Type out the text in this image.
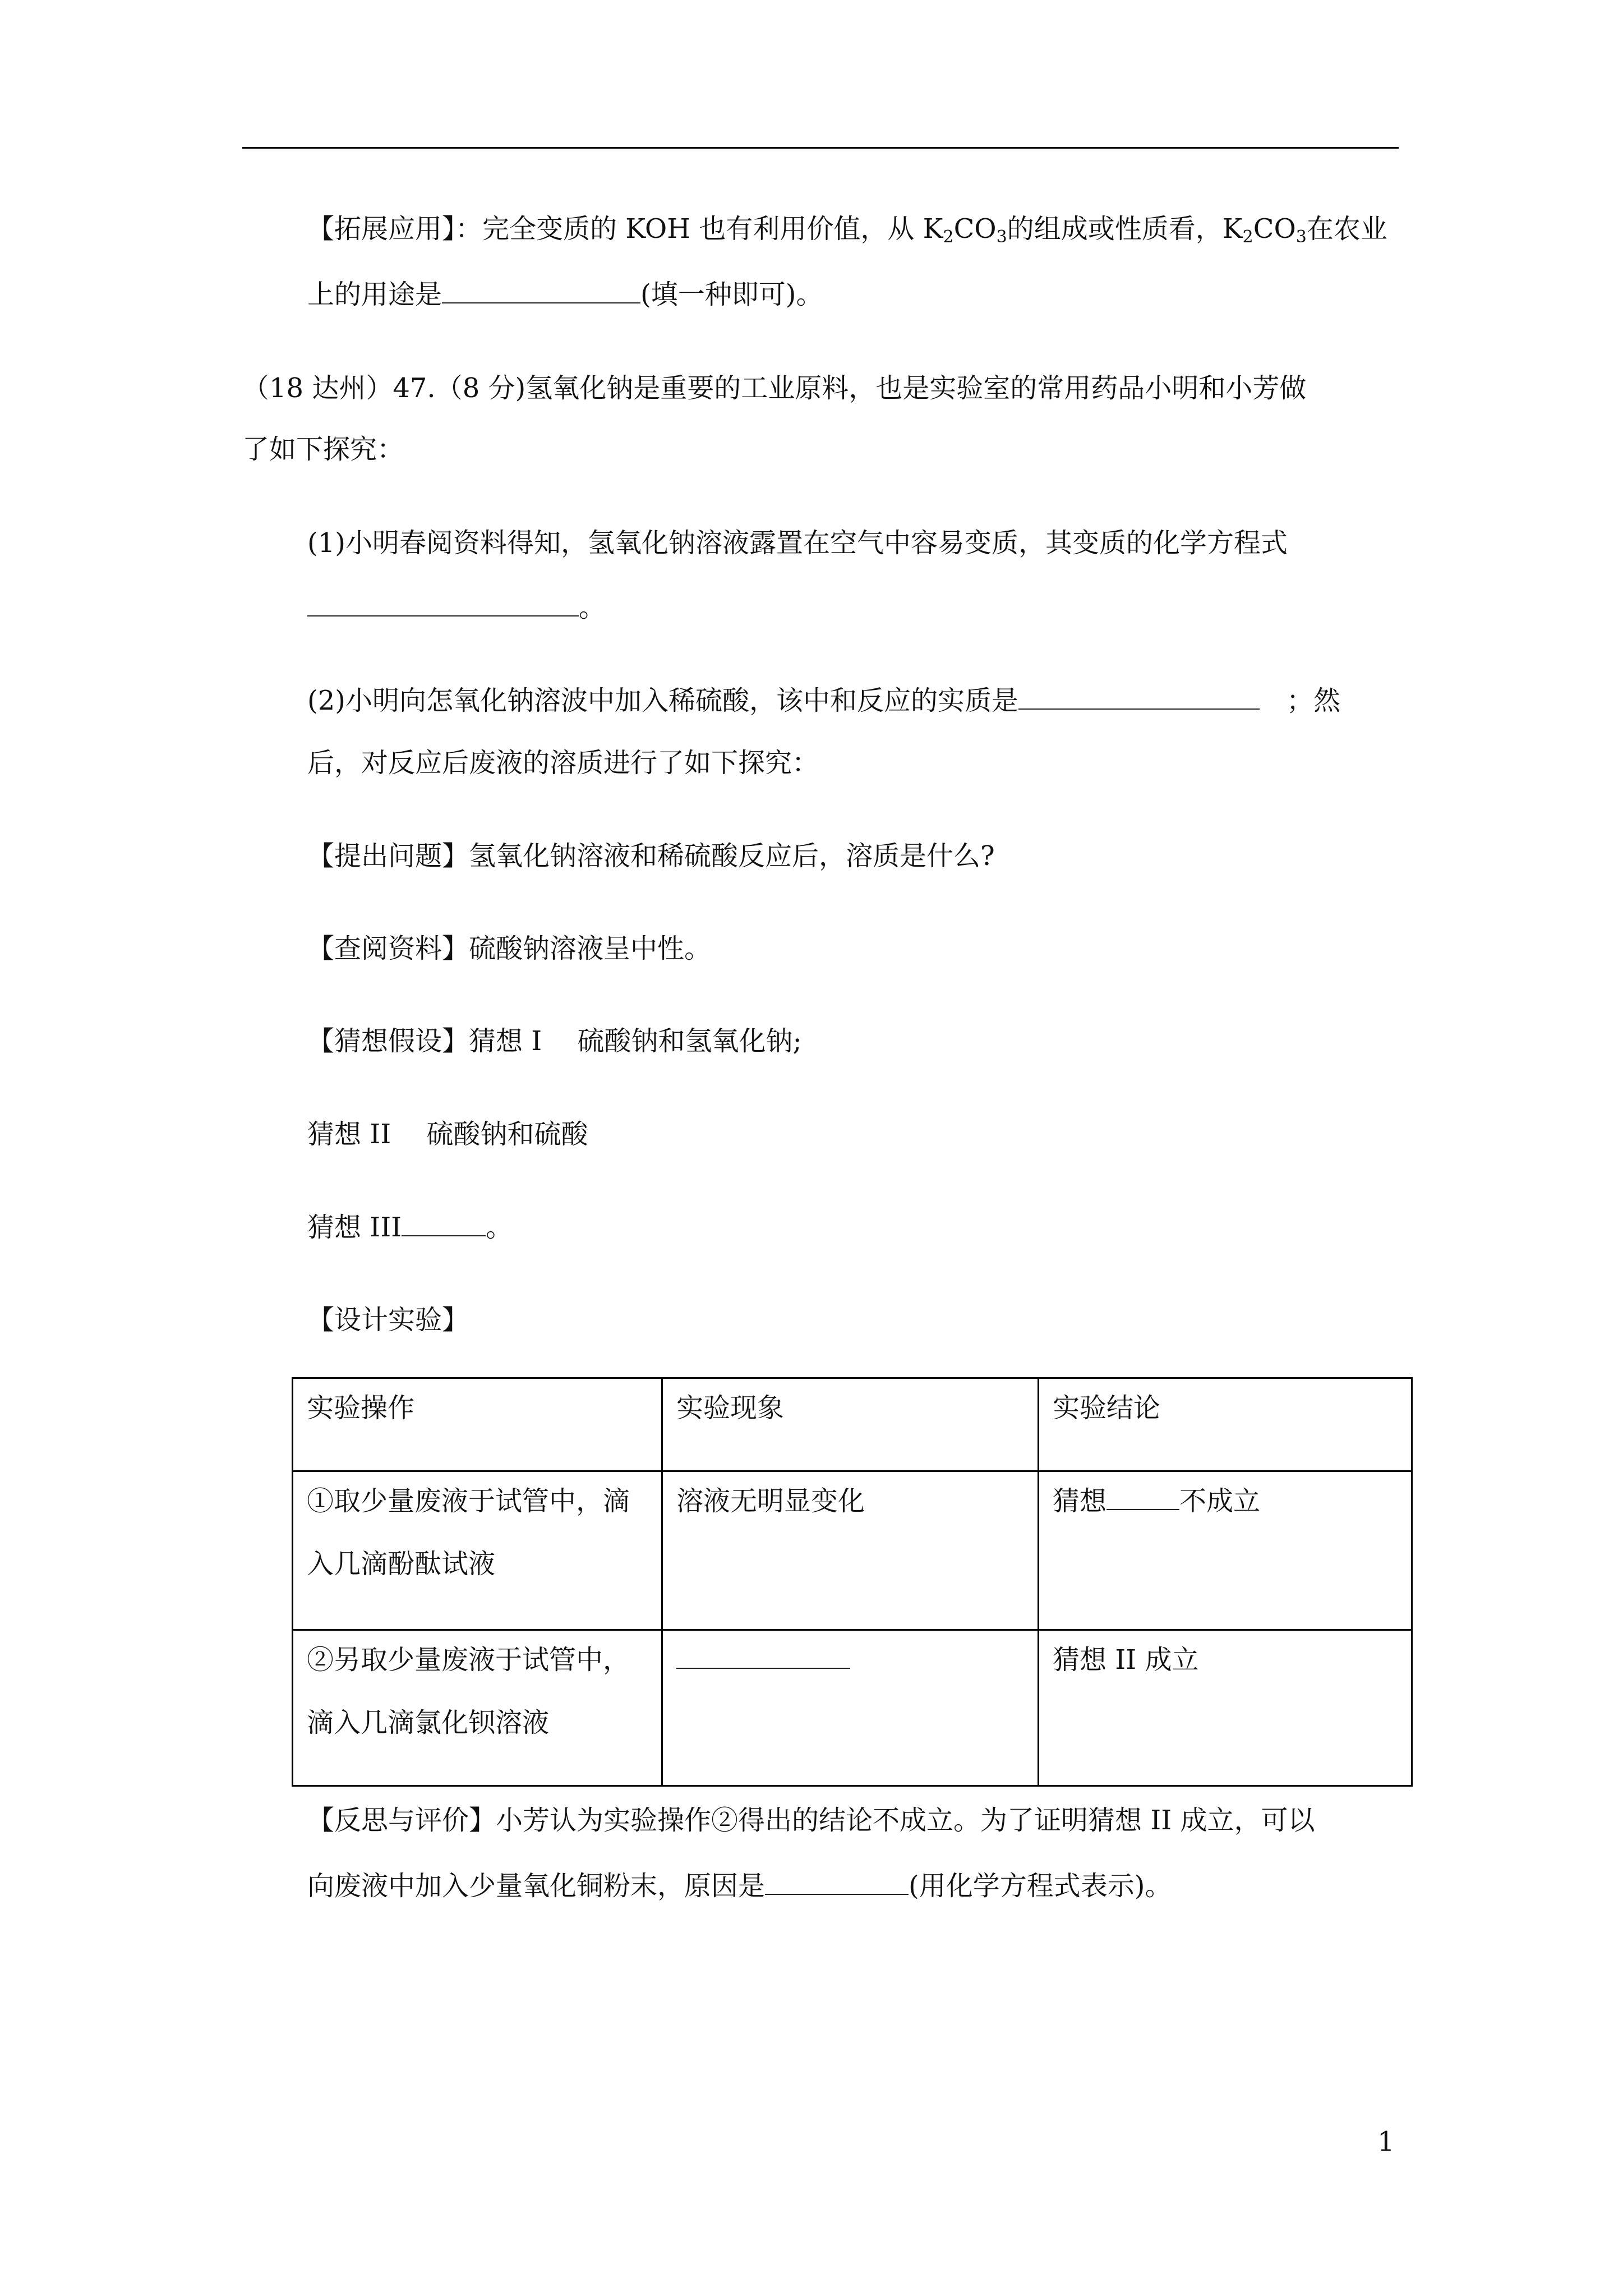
【拓展应用】：完全变质的 KOH 也有利用价值，从 $K_2CO_3$的组成或性质看，$K_2CO_3$在农业
上的用途是	(填一种即可)。
（18 达州）47.（8 分)氢氧化钠是重要的工业原料，也是实验室的常用药品小明和小芳做
了如下探究：
(1)小明春阅资料得知，氢氧化钠溶液露置在空气中容易变质，其变质的化学方程式
。
(2)小明向怎氧化钠溶波中加入稀硫酸，该中和反应的实质是　	；然
后，对反应后废液的溶质进行了如下探究：
【提出问题】氢氧化钠溶液和稀硫酸反应后，溶质是什么?
【查阅资料】硫酸钠溶液呈中性。
【猜想假设】猜想 I　 硫酸钠和氢氧化钠;
猜想 II　 硫酸钠和硫酸
猜想 III	。
【设计实验】
实验操作	实验现象	实验结论

①取少量废液于试管中，滴
入几滴酚酞试液	溶液无明显变化	猜想 不成立

②另取少量废液于试管中，
滴入几滴氯化钡溶液		猜想 II 成立
【反思与评价】小芳认为实验操作②得出的结论不成立。为了证明猜想 II 成立，可以
向废液中加入少量氧化铜粉末，原因是	(用化学方程式表示)。
1
